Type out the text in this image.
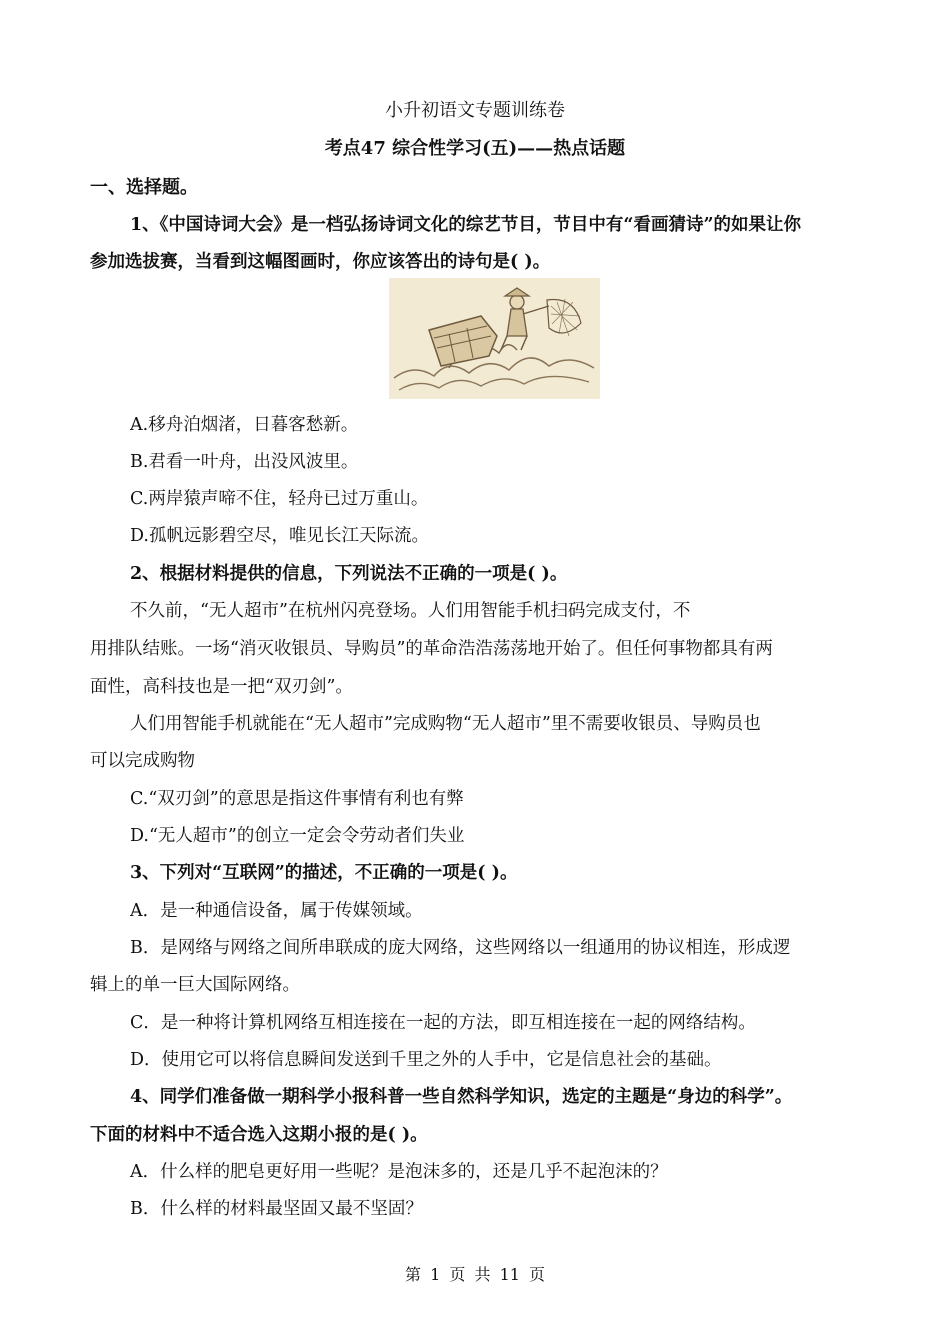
小升初语文专题训练卷
考点47 综合性学习(五)——热点话题
一、选择题。
1、《中国诗词大会》是一档弘扬诗词文化的综艺节目，节目中有“看画猜诗”的如果让你
参加选拔赛，当看到这幅图画时，你应该答出的诗句是( )。
A.移舟泊烟渚，日暮客愁新。
B.君看一叶舟，出没风波里。
C.两岸猿声啼不住，轻舟已过万重山。
D.孤帆远影碧空尽，唯见长江天际流。
2、根据材料提供的信息，下列说法不正确的一项是( )。
不久前，“无人超市”在杭州闪亮登场。人们用智能手机扫码完成支付，不
用排队结账。一场“消灭收银员、导购员”的革命浩浩荡荡地开始了。但任何事物都具有两
面性，高科技也是一把“双刃剑”。
人们用智能手机就能在“无人超市”完成购物“无人超市”里不需要收银员、导购员也
可以完成购物
C.“双刃剑”的意思是指这件事情有利也有弊
D.“无人超市”的创立一定会令劳动者们失业
3、下列对“互联网”的描述，不正确的一项是( )。
A．是一种通信设备，属于传媒领域。
B．是网络与网络之间所串联成的庞大网络，这些网络以一组通用的协议相连，形成逻
辑上的单一巨大国际网络。
C．是一种将计算机网络互相连接在一起的方法，即互相连接在一起的网络结构。
D．使用它可以将信息瞬间发送到千里之外的人手中，它是信息社会的基础。
4、同学们准备做一期科学小报科普一些自然科学知识，选定的主题是“身边的科学”。
下面的材料中不适合选入这期小报的是( )。
A．什么样的肥皂更好用一些呢？是泡沫多的，还是几乎不起泡沫的？
B．什么样的材料最坚固又最不坚固？
第 1 页 共 11 页
